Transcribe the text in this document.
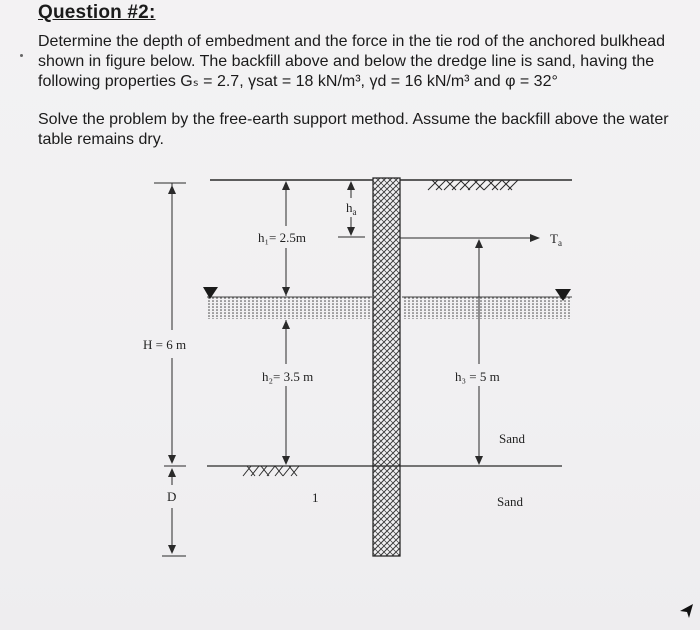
Question #2:
Determine the depth of embedment and the force in the tie rod of the anchored bulkhead
shown in figure below. The backfill above and below the dredge line is sand, having the
following properties Gₛ = 2.7, γsat = 18 kN/m³, γd = 16 kN/m³ and φ = 32°
Solve the problem by the free-earth support method. Assume the backfill above the water
table remains dry.
H = 6 m
D
h₁= 2.5m
h₂= 3.5 m
$h_a$
$T_a$
h₃ = 5 m
Sand
Sand
1
